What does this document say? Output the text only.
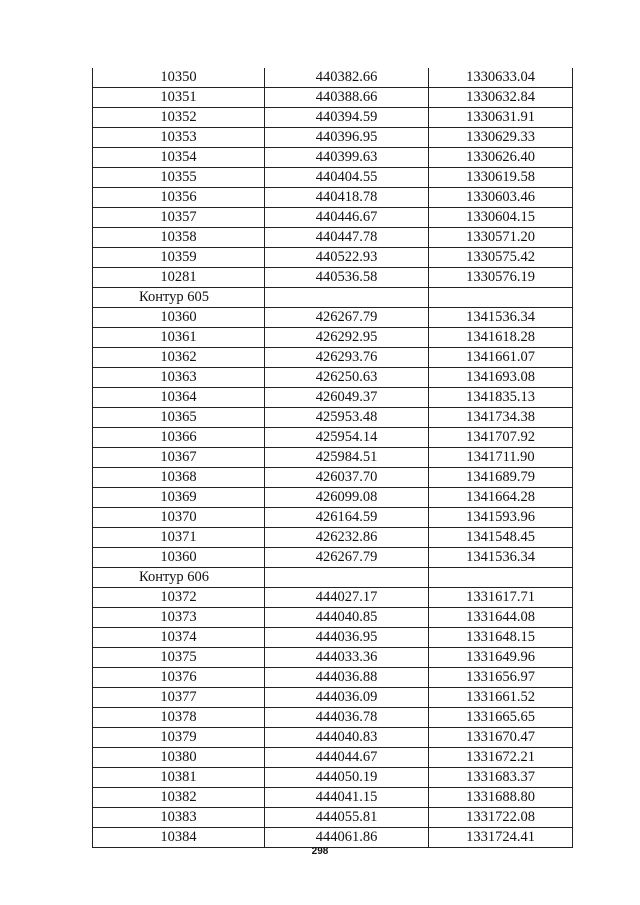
10350	440382.66	1330633.04
10351	440388.66	1330632.84
10352	440394.59	1330631.91
10353	440396.95	1330629.33
10354	440399.63	1330626.40
10355	440404.55	1330619.58
10356	440418.78	1330603.46
10357	440446.67	1330604.15
10358	440447.78	1330571.20
10359	440522.93	1330575.42
10281	440536.58	1330576.19
Контур 605		
10360	426267.79	1341536.34
10361	426292.95	1341618.28
10362	426293.76	1341661.07
10363	426250.63	1341693.08
10364	426049.37	1341835.13
10365	425953.48	1341734.38
10366	425954.14	1341707.92
10367	425984.51	1341711.90
10368	426037.70	1341689.79
10369	426099.08	1341664.28
10370	426164.59	1341593.96
10371	426232.86	1341548.45
10360	426267.79	1341536.34
Контур 606		
10372	444027.17	1331617.71
10373	444040.85	1331644.08
10374	444036.95	1331648.15
10375	444033.36	1331649.96
10376	444036.88	1331656.97
10377	444036.09	1331661.52
10378	444036.78	1331665.65
10379	444040.83	1331670.47
10380	444044.67	1331672.21
10381	444050.19	1331683.37
10382	444041.15	1331688.80
10383	444055.81	1331722.08
10384	444061.86	1331724.41
298
